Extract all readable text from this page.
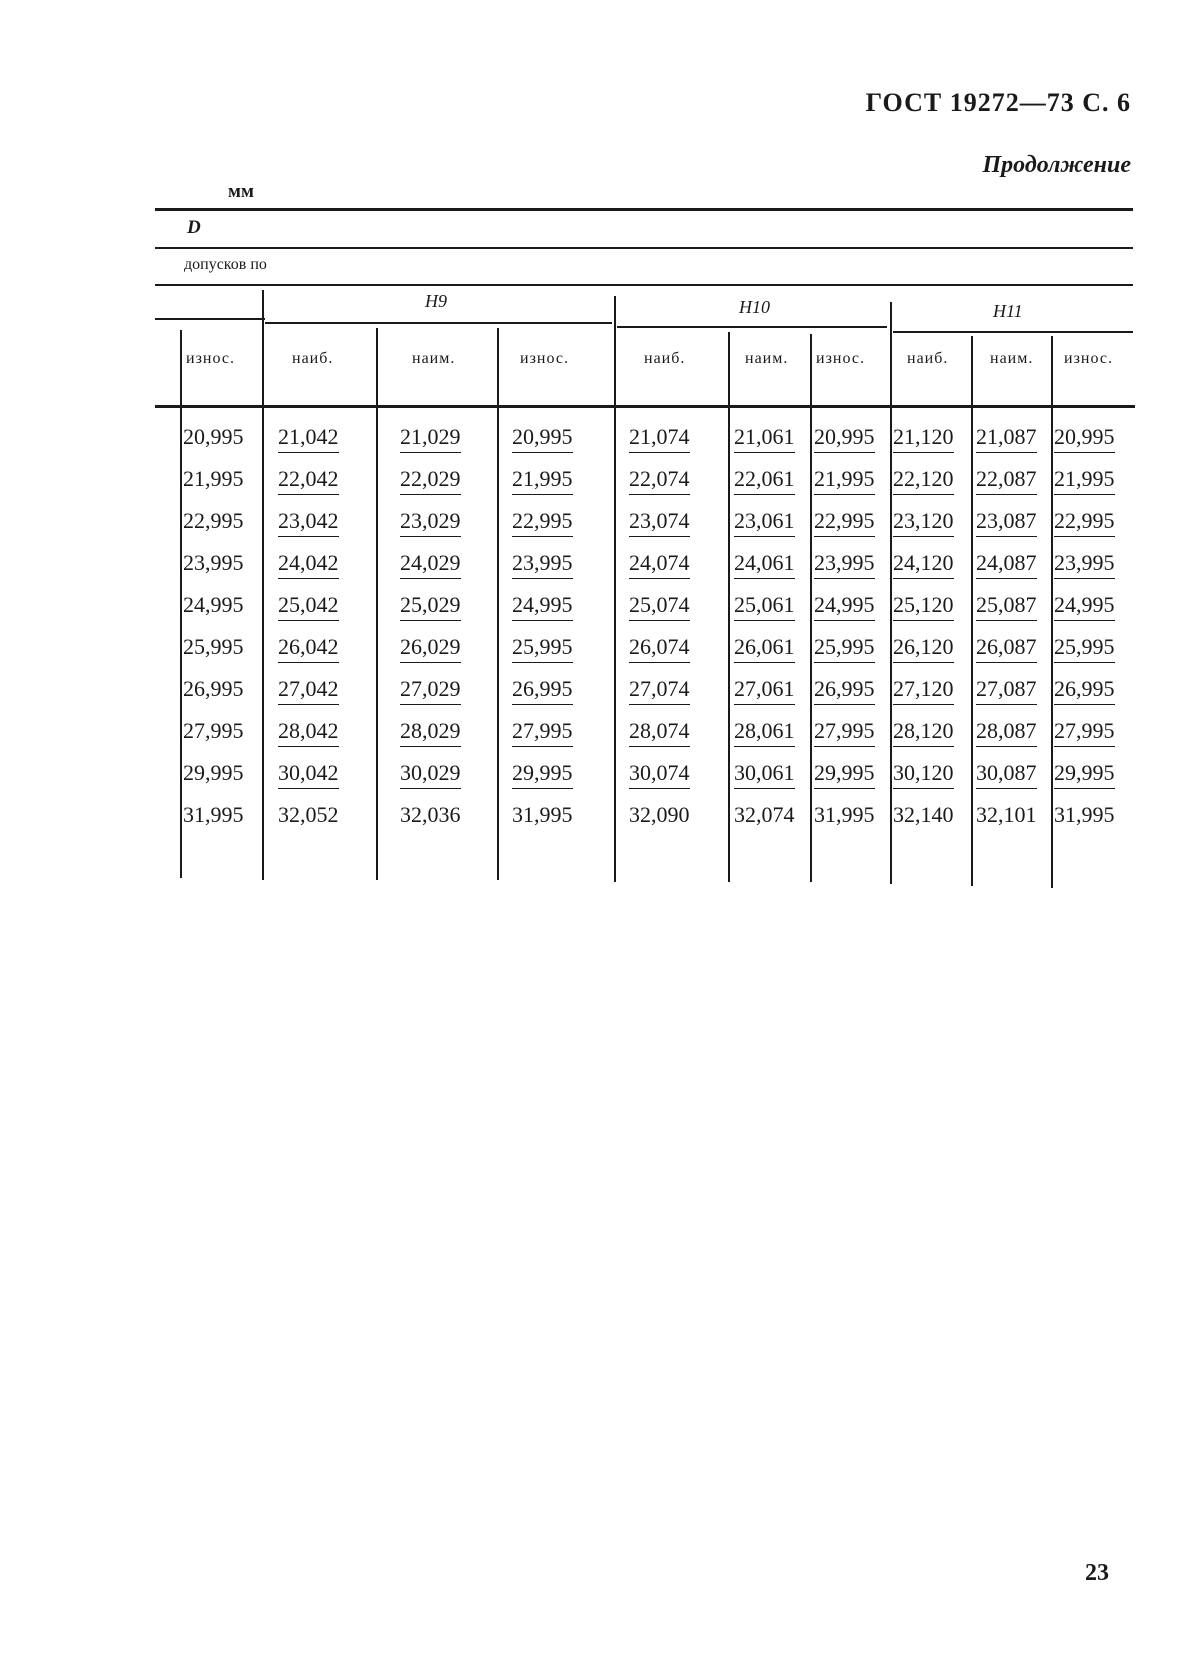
ГОСТ 19272—73 С. 6
Продолжение
мм
D
допусков по
H9	H10	H11
износ.	наиб.	наим.	износ.	наиб.	наим. износ.	наиб.	наим. износ.
20,995 21,042	21,029 20,995	21,074 21,061 20,995 21,120 21,087 20,995
21,995 22,042	22,029 21,995	22,074 22,061 21,995 22,120 22,087 21,995
22,995 23,042	23,029 22,995	23,074 23,061 22,995 23,120 23,087 22,995
23,995 24,042	24,029 23,995	24,074 24,061 23,995 24,120 24,087 23,995
24,995 25,042	25,029 24,995	25,074 25,061 24,995 25,120 25,087 24,995
25,995 26,042	26,029 25,995	26,074 26,061 25,995 26,120 26,087 25,995
26,995 27,042	27,029 26,995	27,074 27,061 26,995 27,120 27,087 26,995
27,995 28,042	28,029 27,995	28,074 28,061 27,995 28,120 28,087 27,995
29,995 30,042	30,029 29,995	30,074 30,061 29,995 30,120 30,087 29,995
31,995 32,052	32,036 31,995	32,090 32,074 31,995 32,140 32,101 31,995
23
